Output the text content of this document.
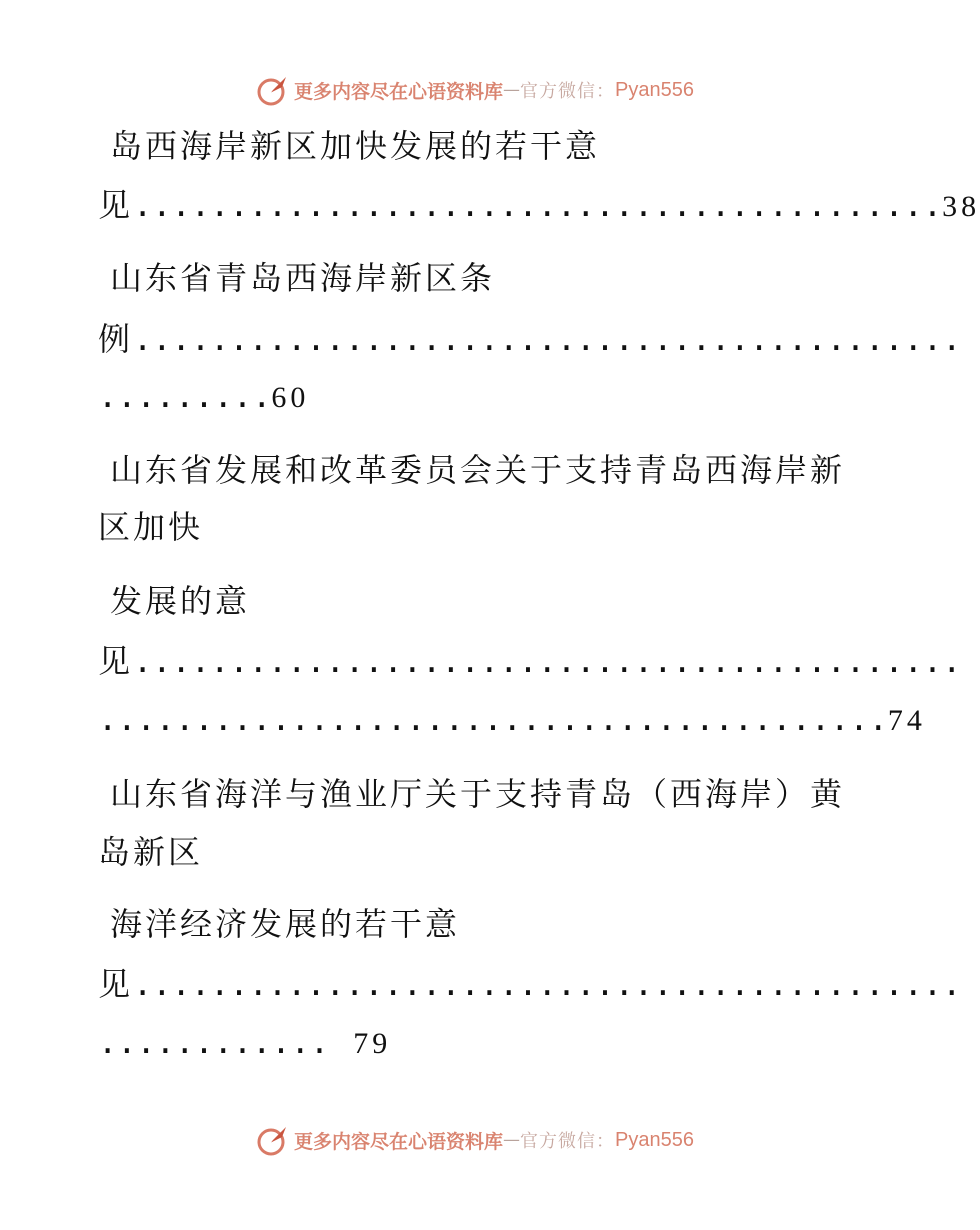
更多内容尽在心语资料库 — 官方微信： Pyan556
岛西海岸新区加快发展的若干意
见..........................................38
山东省青岛西海岸新区条
例...........................................
.........60
山东省发展和改革委员会关于支持青岛西海岸新
区加快
发展的意
见...........................................
.........................................74
山东省海洋与渔业厅关于支持青岛（西海岸）黄
岛新区
海洋经济发展的若干意
见...........................................
............ 79
更多内容尽在心语资料库 — 官方微信： Pyan556
